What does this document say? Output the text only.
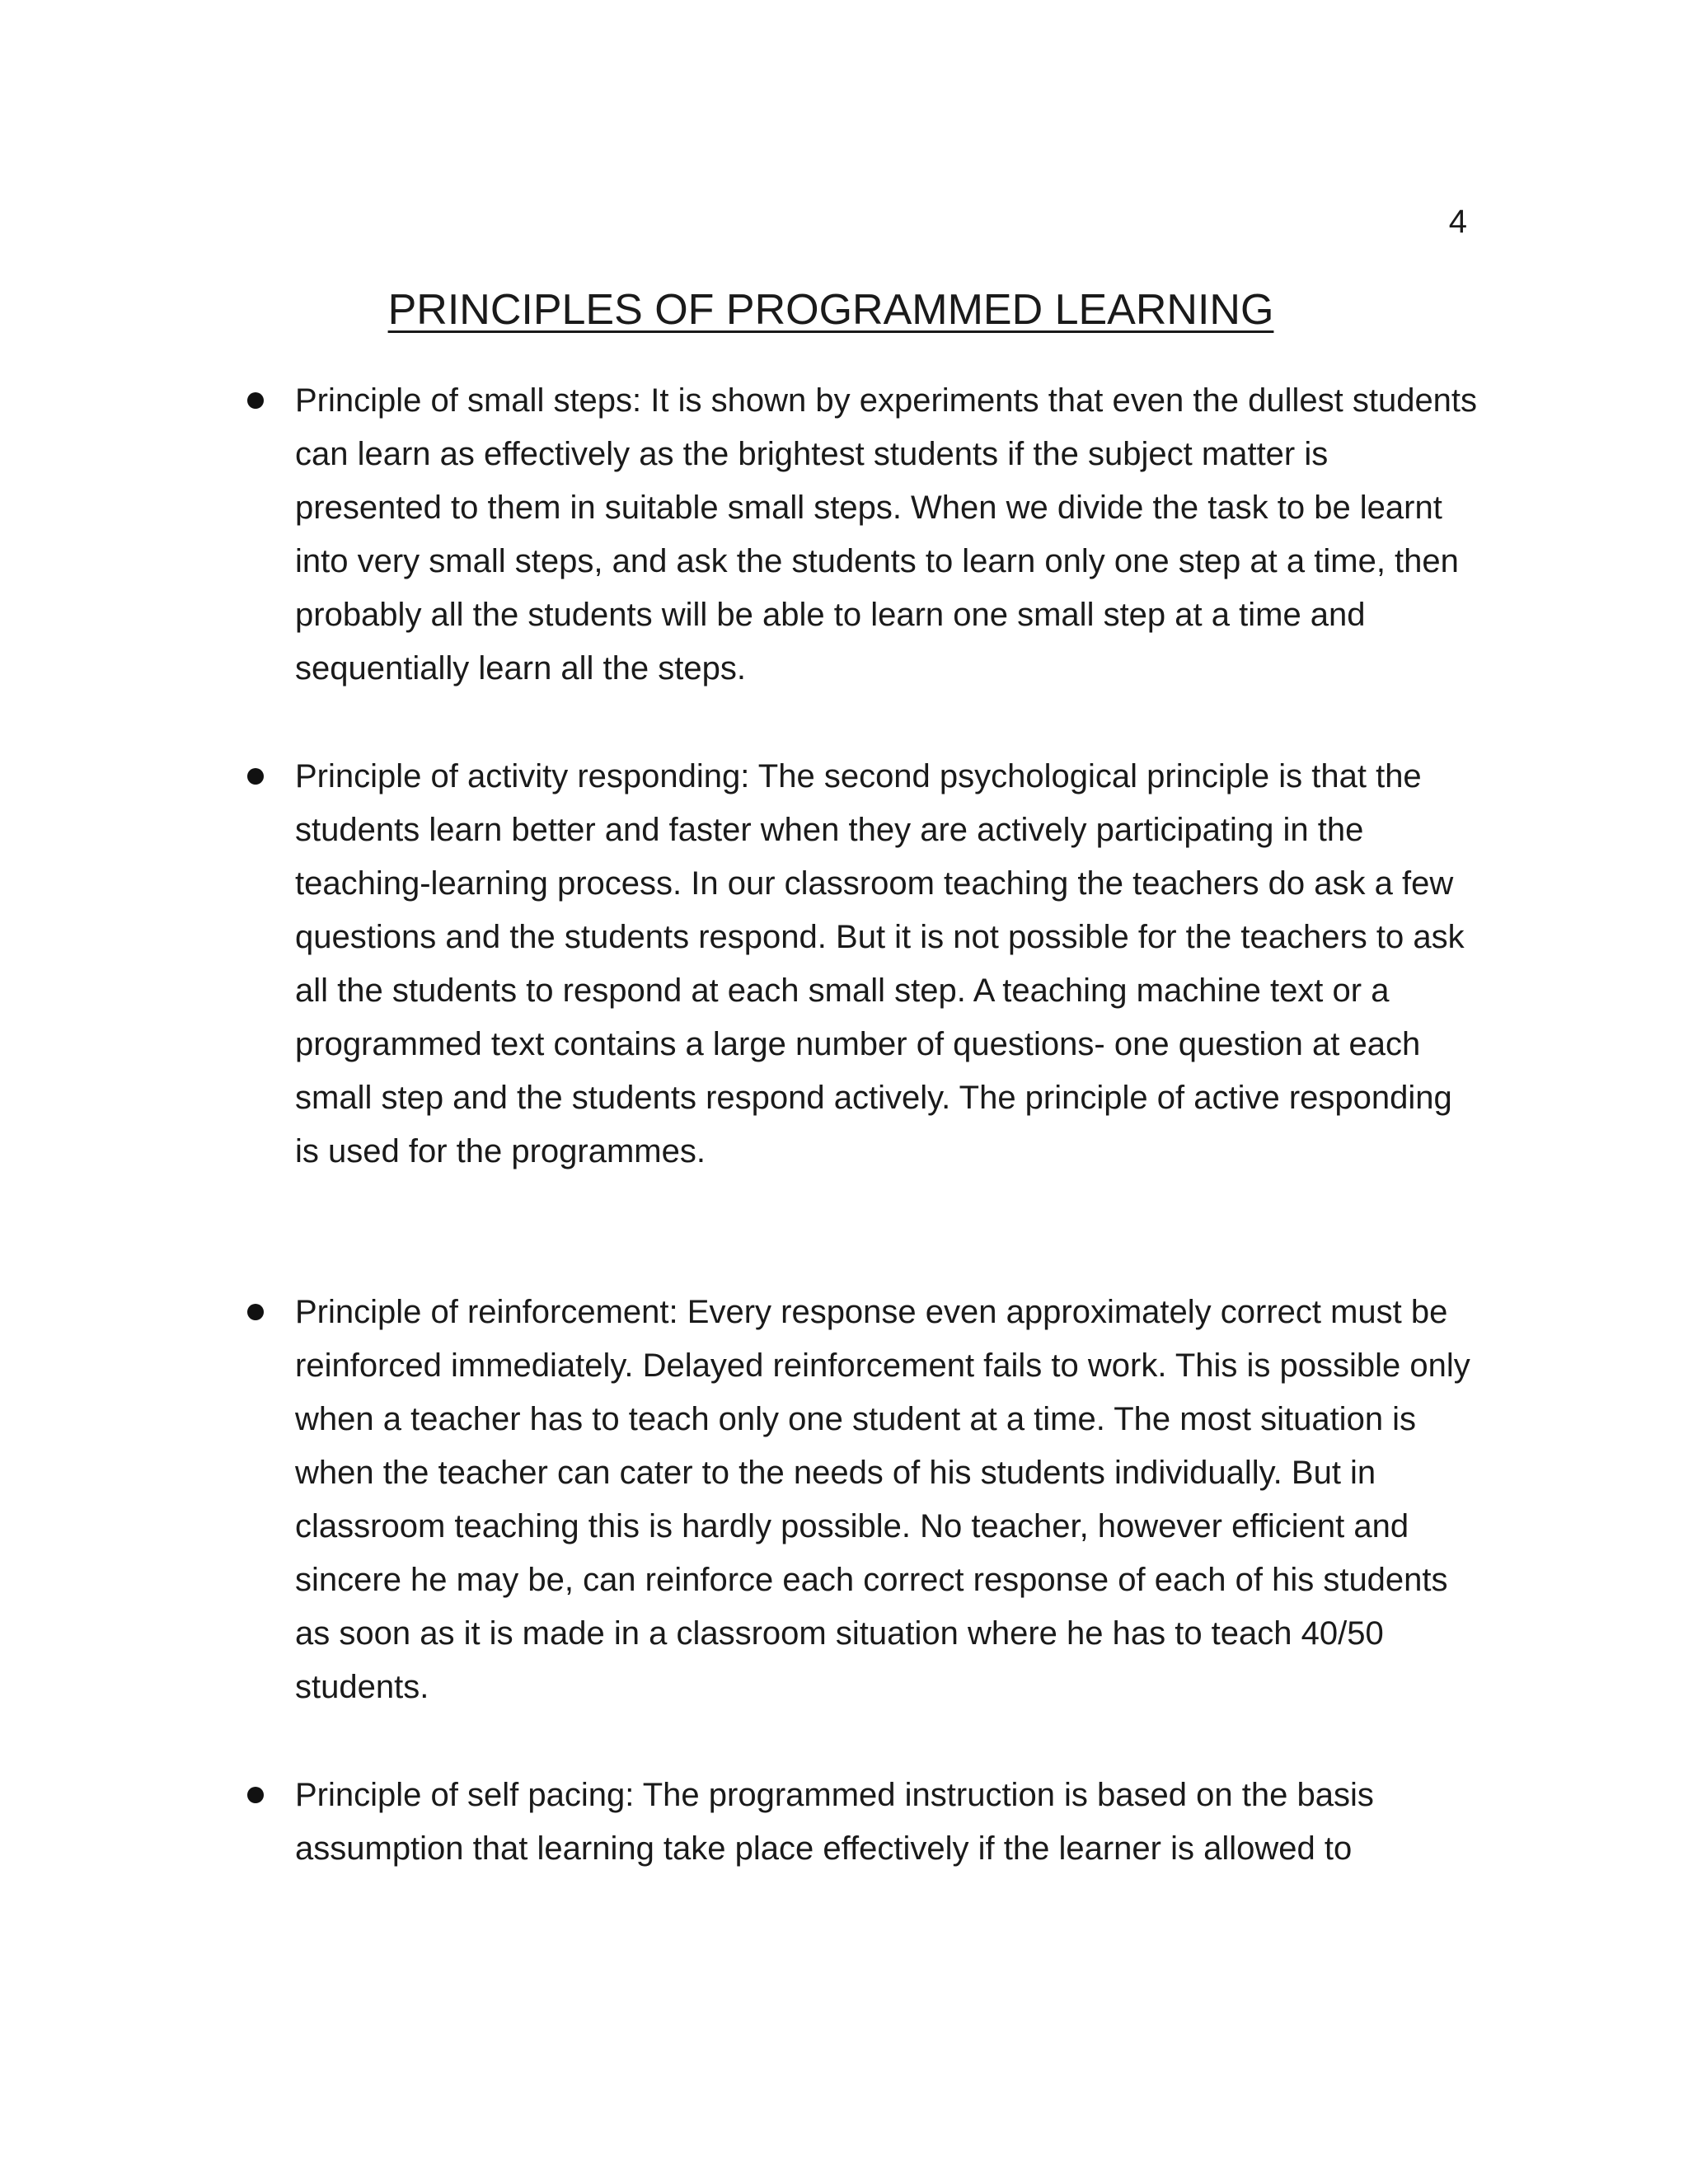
4
PRINCIPLES OF PROGRAMMED LEARNING

Principle of small steps: It is shown by experiments that even the dullest students can learn as effectively as the brightest students if the subject matter is presented to them in suitable small steps. When we divide the task to be learnt into very small steps, and ask the students to learn only one step at a time, then probably all the students will be able to learn one small step at a time and sequentially learn all the steps.

Principle of activity responding: The second psychological principle is that the students learn better and faster when they are actively participating in the teaching-learning process. In our classroom teaching the teachers do ask a few questions and the students respond. But it is not possible for the teachers to ask all the students to respond at each small step. A teaching machine text or a programmed text contains a large number of questions- one question at each small step and the students respond actively. The principle of active responding is used for the programmes.

Principle of reinforcement: Every response even approximately correct must be reinforced immediately. Delayed reinforcement fails to work. This is possible only when a teacher has to teach only one student at a time. The most situation is when the teacher can cater to the needs of his students individually. But in classroom teaching this is hardly possible. No teacher, however efficient and sincere he may be, can reinforce each correct response of each of his students as soon as it is made in a classroom situation where he has to teach 40/50 students.

Principle of self pacing: The programmed instruction is based on the basis assumption that learning take place effectively if the learner is allowed to
